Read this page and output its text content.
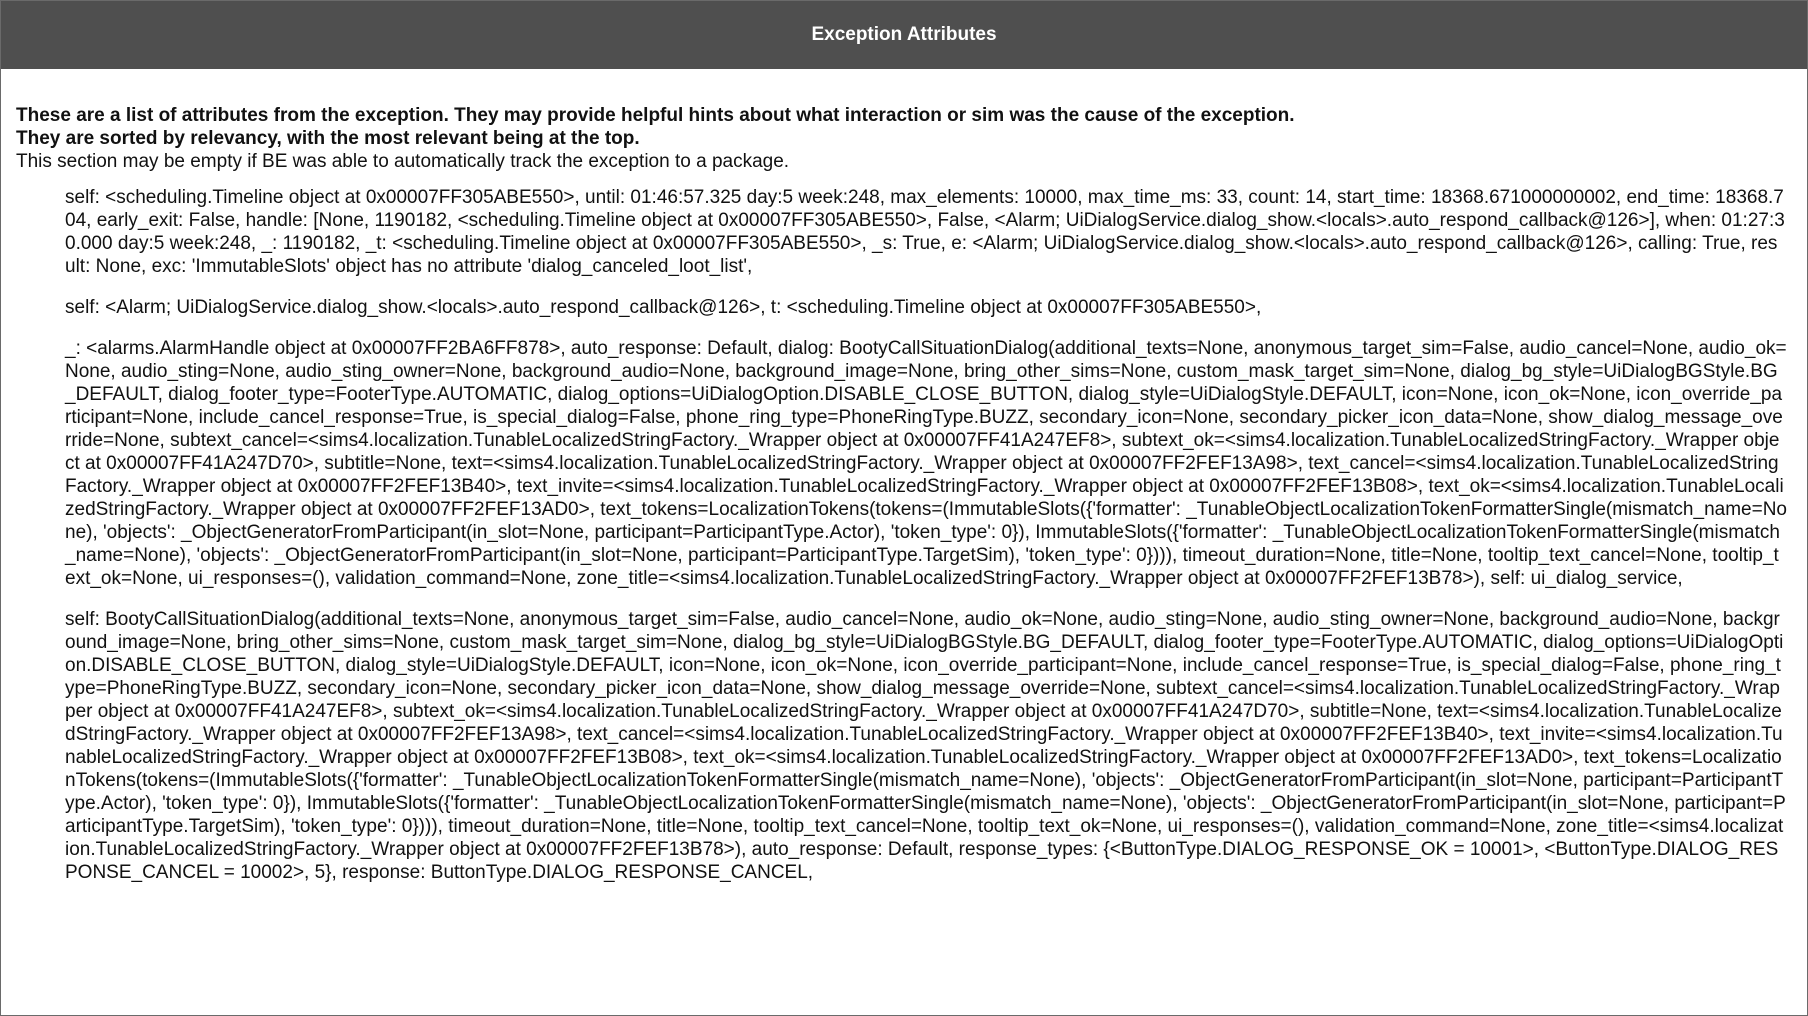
Exception Attributes
These are a list of attributes from the exception. They may provide helpful hints about what interaction or sim was the cause of the exception.
They are sorted by relevancy, with the most relevant being at the top.
This section may be empty if BE was able to automatically track the exception to a package.
self: <scheduling.Timeline object at 0x00007FF305ABE550>, until: 01:46:57.325 day:5 week:248, max_elements: 10000, max_time_ms: 33, count: 14, start_time: 18368.671000000002, end_time: 18368.704, early_exit: False, handle: [None, 1190182, <scheduling.Timeline object at 0x00007FF305ABE550>, False, <Alarm; UiDialogService.dialog_show.<locals>.auto_respond_callback@126>], when: 01:27:30.000 day:5 week:248, _: 1190182, _t: <scheduling.Timeline object at 0x00007FF305ABE550>, _s: True, e: <Alarm; UiDialogService.dialog_show.<locals>.auto_respond_callback@126>, calling: True, result: None, exc: 'ImmutableSlots' object has no attribute 'dialog_canceled_loot_list',
self: <Alarm; UiDialogService.dialog_show.<locals>.auto_respond_callback@126>, t: <scheduling.Timeline object at 0x00007FF305ABE550>,
_: <alarms.AlarmHandle object at 0x00007FF2BA6FF878>, auto_response: Default, dialog: BootyCallSituationDialog(additional_texts=None, anonymous_target_sim=False, audio_cancel=None, audio_ok=None, audio_sting=None, audio_sting_owner=None, background_audio=None, background_image=None, bring_other_sims=None, custom_mask_target_sim=None, dialog_bg_style=UiDialogBGStyle.BG_DEFAULT, dialog_footer_type=FooterType.AUTOMATIC, dialog_options=UiDialogOption.DISABLE_CLOSE_BUTTON, dialog_style=UiDialogStyle.DEFAULT, icon=None, icon_ok=None, icon_override_participant=None, include_cancel_response=True, is_special_dialog=False, phone_ring_type=PhoneRingType.BUZZ, secondary_icon=None, secondary_picker_icon_data=None, show_dialog_message_override=None, subtext_cancel=<sims4.localization.TunableLocalizedStringFactory._Wrapper object at 0x00007FF41A247EF8>, subtext_ok=<sims4.localization.TunableLocalizedStringFactory._Wrapper object at 0x00007FF41A247D70>, subtitle=None, text=<sims4.localization.TunableLocalizedStringFactory._Wrapper object at 0x00007FF2FEF13A98>, text_cancel=<sims4.localization.TunableLocalizedStringFactory._Wrapper object at 0x00007FF2FEF13B40>, text_invite=<sims4.localization.TunableLocalizedStringFactory._Wrapper object at 0x00007FF2FEF13B08>, text_ok=<sims4.localization.TunableLocalizedStringFactory._Wrapper object at 0x00007FF2FEF13AD0>, text_tokens=LocalizationTokens(tokens=(ImmutableSlots({'formatter': _TunableObjectLocalizationTokenFormatterSingle(mismatch_name=None), 'objects': _ObjectGeneratorFromParticipant(in_slot=None, participant=ParticipantType.Actor), 'token_type': 0}), ImmutableSlots({'formatter': _TunableObjectLocalizationTokenFormatterSingle(mismatch_name=None), 'objects': _ObjectGeneratorFromParticipant(in_slot=None, participant=ParticipantType.TargetSim), 'token_type': 0}))), timeout_duration=None, title=None, tooltip_text_cancel=None, tooltip_text_ok=None, ui_responses=(), validation_command=None, zone_title=<sims4.localization.TunableLocalizedStringFactory._Wrapper object at 0x00007FF2FEF13B78>), self: ui_dialog_service,
self: BootyCallSituationDialog(additional_texts=None, anonymous_target_sim=False, audio_cancel=None, audio_ok=None, audio_sting=None, audio_sting_owner=None, background_audio=None, background_image=None, bring_other_sims=None, custom_mask_target_sim=None, dialog_bg_style=UiDialogBGStyle.BG_DEFAULT, dialog_footer_type=FooterType.AUTOMATIC, dialog_options=UiDialogOption.DISABLE_CLOSE_BUTTON, dialog_style=UiDialogStyle.DEFAULT, icon=None, icon_ok=None, icon_override_participant=None, include_cancel_response=True, is_special_dialog=False, phone_ring_type=PhoneRingType.BUZZ, secondary_icon=None, secondary_picker_icon_data=None, show_dialog_message_override=None, subtext_cancel=<sims4.localization.TunableLocalizedStringFactory._Wrapper object at 0x00007FF41A247EF8>, subtext_ok=<sims4.localization.TunableLocalizedStringFactory._Wrapper object at 0x00007FF41A247D70>, subtitle=None, text=<sims4.localization.TunableLocalizedStringFactory._Wrapper object at 0x00007FF2FEF13A98>, text_cancel=<sims4.localization.TunableLocalizedStringFactory._Wrapper object at 0x00007FF2FEF13B40>, text_invite=<sims4.localization.TunableLocalizedStringFactory._Wrapper object at 0x00007FF2FEF13B08>, text_ok=<sims4.localization.TunableLocalizedStringFactory._Wrapper object at 0x00007FF2FEF13AD0>, text_tokens=LocalizationTokens(tokens=(ImmutableSlots({'formatter': _TunableObjectLocalizationTokenFormatterSingle(mismatch_name=None), 'objects': _ObjectGeneratorFromParticipant(in_slot=None, participant=ParticipantType.Actor), 'token_type': 0}), ImmutableSlots({'formatter': _TunableObjectLocalizationTokenFormatterSingle(mismatch_name=None), 'objects': _ObjectGeneratorFromParticipant(in_slot=None, participant=ParticipantType.TargetSim), 'token_type': 0}))), timeout_duration=None, title=None, tooltip_text_cancel=None, tooltip_text_ok=None, ui_responses=(), validation_command=None, zone_title=<sims4.localization.TunableLocalizedStringFactory._Wrapper object at 0x00007FF2FEF13B78>), auto_response: Default, response_types: {<ButtonType.DIALOG_RESPONSE_OK = 10001>, <ButtonType.DIALOG_RESPONSE_CANCEL = 10002>, 5}, response: ButtonType.DIALOG_RESPONSE_CANCEL,
